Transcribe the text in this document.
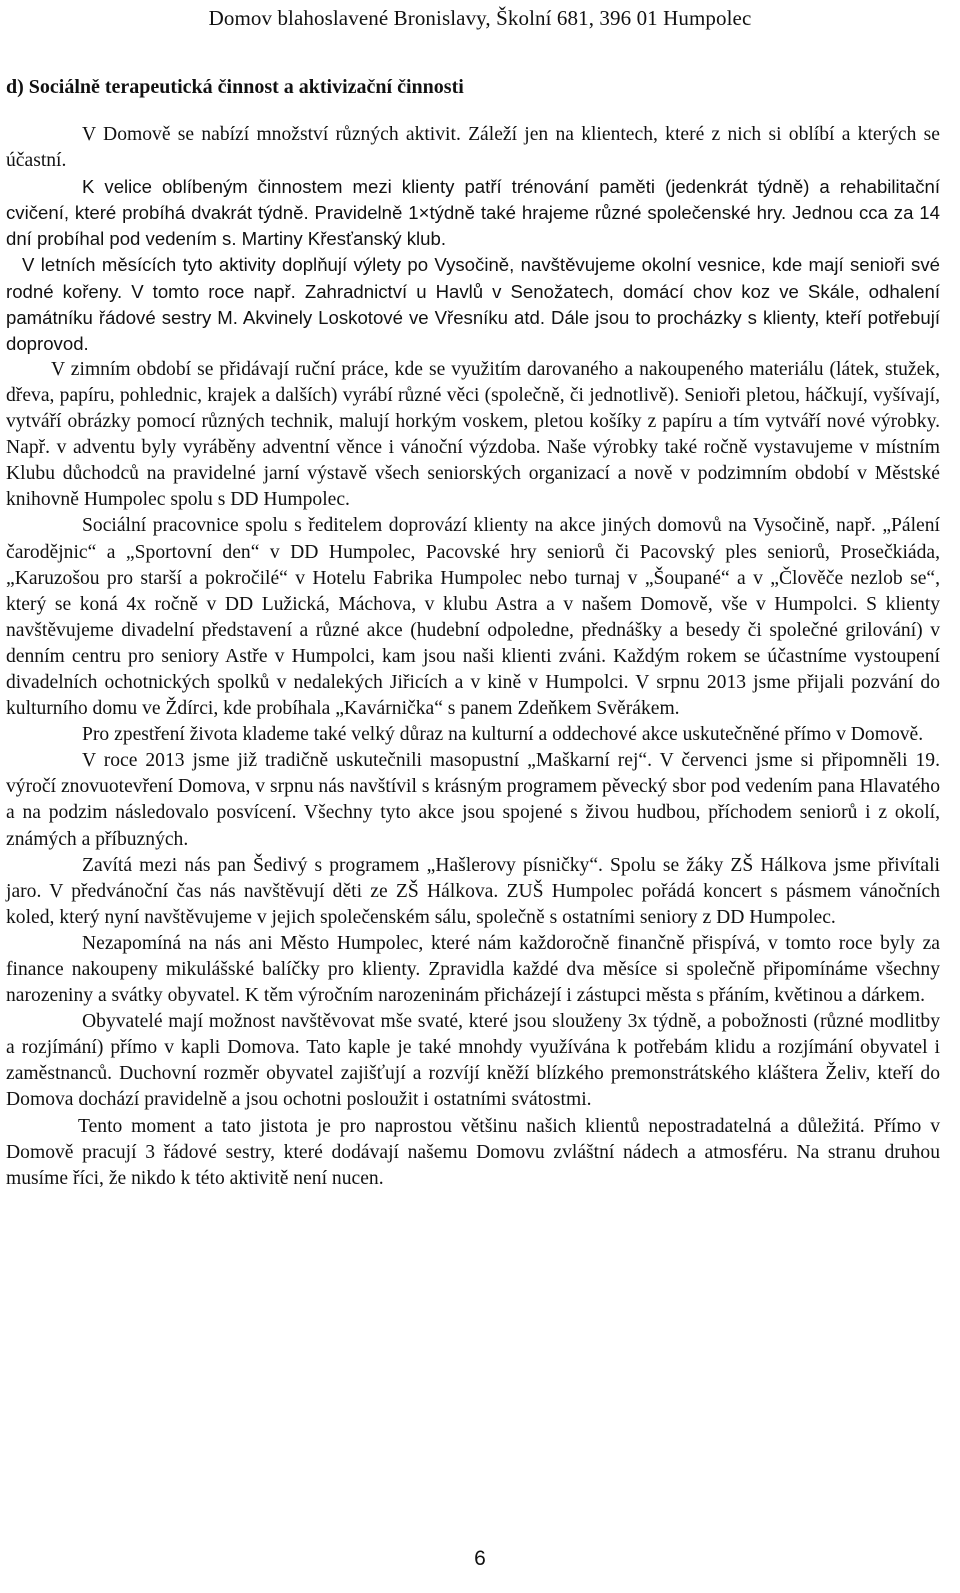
Domov blahoslavené Bronislavy, Školní 681, 396 01 Humpolec
d) Sociálně terapeutická činnost a aktivizační činnosti

V Domově se nabízí množství různých aktivit. Záleží jen na klientech, které z nich si oblíbí a kterých se účastní.

K velice oblíbeným činnostem mezi klienty patří trénování paměti (jedenkrát týdně) a rehabilitační cvičení, které probíhá dvakrát týdně. Pravidelně 1×týdně také hrajeme různé společenské hry. Jednou cca za 14 dní probíhal pod vedením s. Martiny Křesťanský klub.

V letních měsících tyto aktivity doplňují výlety po Vysočině, navštěvujeme okolní vesnice, kde mají senioři své rodné kořeny. V tomto roce např. Zahradnictví u Havlů v Senožatech, domácí chov koz ve Skále, odhalení památníku řádové sestry M. Akvinely Loskotové ve Vřesníku atd. Dále jsou to procházky s klienty, kteří potřebují doprovod.

V zimním období se přidávají ruční práce, kde se využitím darovaného a nakoupeného materiálu (látek, stužek, dřeva, papíru, pohlednic, krajek a dalších) vyrábí různé věci (společně, či jednotlivě). Senioři pletou, háčkují, vyšívají, vytváří obrázky pomocí různých technik, malují horkým voskem, pletou košíky z papíru a tím vytváří nové výrobky. Např. v adventu byly vyráběny adventní věnce i vánoční výzdoba. Naše výrobky také ročně vystavujeme v místním Klubu důchodců na pravidelné jarní výstavě všech seniorských organizací a nově v podzimním období v Městské knihovně Humpolec spolu s DD Humpolec.

Sociální pracovnice spolu s ředitelem doprovází klienty na akce jiných domovů na Vysočině, např. „Pálení čarodějnic“ a „Sportovní den“ v DD Humpolec, Pacovské hry seniorů či Pacovský ples seniorů, Prosečkiáda, „Karuzošou pro starší a pokročilé“ v Hotelu Fabrika Humpolec nebo turnaj v „Šoupané“ a v „Člověče nezlob se“, který se koná 4x ročně v DD Lužická, Máchova, v klubu Astra a v našem Domově, vše v Humpolci. S klienty navštěvujeme divadelní představení a různé akce (hudební odpoledne, přednášky a besedy či společné grilování) v denním centru pro seniory Astře v Humpolci, kam jsou naši klienti zváni. Každým rokem se účastníme vystoupení divadelních ochotnických spolků v nedalekých Jiřicích a v kině v Humpolci. V srpnu 2013 jsme přijali pozvání do kulturního domu ve Ždírci, kde probíhala „Kavárnička“ s panem Zdeňkem Svěrákem.

Pro zpestření života klademe také velký důraz na kulturní a oddechové akce uskutečněné přímo v Domově.

V roce 2013 jsme již tradičně uskutečnili masopustní „Maškarní rej“. V červenci jsme si připomněli 19. výročí znovuotevření Domova, v srpnu nás navštívil s krásným programem pěvecký sbor pod vedením pana Hlavatého a na podzim následovalo posvícení. Všechny tyto akce jsou spojené s živou hudbou, příchodem seniorů i z okolí, známých a příbuzných.

Zavítá mezi nás pan Šedivý s programem „Hašlerovy písničky“. Spolu se žáky ZŠ Hálkova jsme přivítali jaro. V předvánoční čas nás navštěvují děti ze ZŠ Hálkova. ZUŠ Humpolec pořádá koncert s pásmem vánočních koled, který nyní navštěvujeme v jejich společenském sálu, společně s ostatními seniory z DD Humpolec.

Nezapomíná na nás ani Město Humpolec, které nám každoročně finančně přispívá, v tomto roce byly za finance nakoupeny mikulášské balíčky pro klienty. Zpravidla každé dva měsíce si společně připomínáme všechny narozeniny a svátky obyvatel. K těm výročním narozeninám přicházejí i zástupci města s přáním, květinou a dárkem.

Obyvatelé mají možnost navštěvovat mše svaté, které jsou slouženy 3x týdně, a pobožnosti (různé modlitby a rozjímání) přímo v kapli Domova. Tato kaple je také mnohdy využívána k potřebám klidu a rozjímání obyvatel i zaměstnanců. Duchovní rozměr obyvatel zajišťují a rozvíjí kněží blízkého premonstrátského kláštera Želiv, kteří do Domova dochází pravidelně a jsou ochotni posloužit i ostatními svátostmi.

Tento moment a tato jistota je pro naprostou většinu našich klientů nepostradatelná a důležitá. Přímo v Domově pracují 3 řádové sestry, které dodávají našemu Domovu zvláštní nádech a atmosféru. Na stranu druhou musíme říci, že nikdo k této aktivitě není nucen.

6
